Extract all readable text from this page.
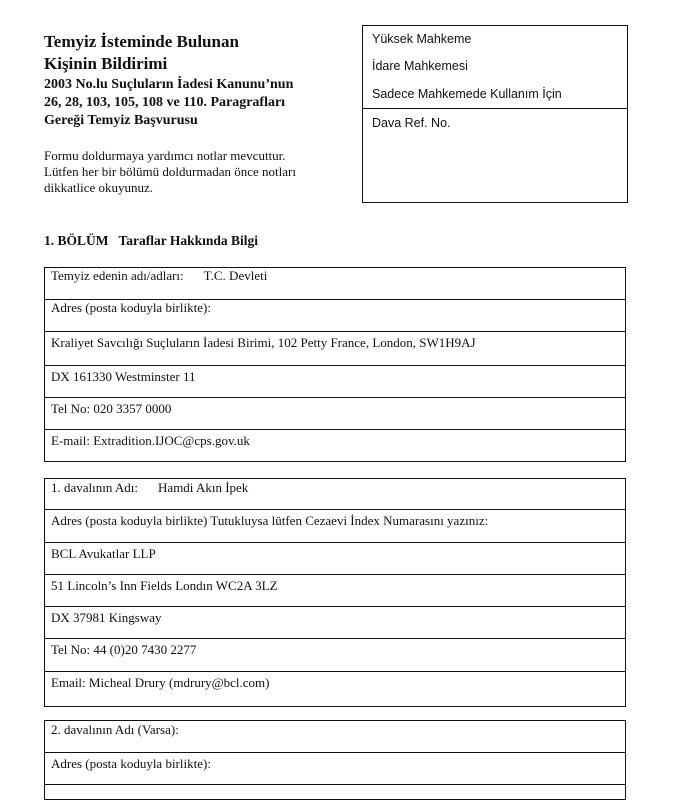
Temyiz İsteminde Bulunan
Kişinin Bildirimi
2003 No.lu Suçluların İadesi Kanunu’nun
26, 28, 103, 105, 108 ve 110. Paragrafları
Gereği Temyiz Başvurusu
Formu doldurmaya yardımcı notlar mevcuttur.
Lütfen her bir bölümü doldurmadan önce notları
dikkatlice okuyunuz.
Yüksek Mahkeme
İdare Mahkemesi
Sadece Mahkemede Kullanım İçin
Dava Ref. No.
1. BÖLÜM Taraflar Hakkında Bilgi
Temyiz edenin adı/adları: T.C. Devleti
Adres (posta koduyla birlikte):
Kraliyet Savcılığı Suçluların İadesi Birimi, 102 Petty France, London, SW1H9AJ
DX 161330 Westminster 11
Tel No: 020 3357 0000
E-mail: Extradition.IJOC@cps.gov.uk
1. davalının Adı: Hamdi Akın İpek
Adres (posta koduyla birlikte) Tutukluysa lütfen Cezaevi İndex Numarasını yazınız:
BCL Avukatlar LLP
51 Lincoln’s Inn Fields Londın WC2A 3LZ
DX 37981 Kingsway
Tel No: 44 (0)20 7430 2277
Email: Micheal Drury (mdrury@bcl.com)
2. davalının Adı (Varsa):
Adres (posta koduyla birlikte):
